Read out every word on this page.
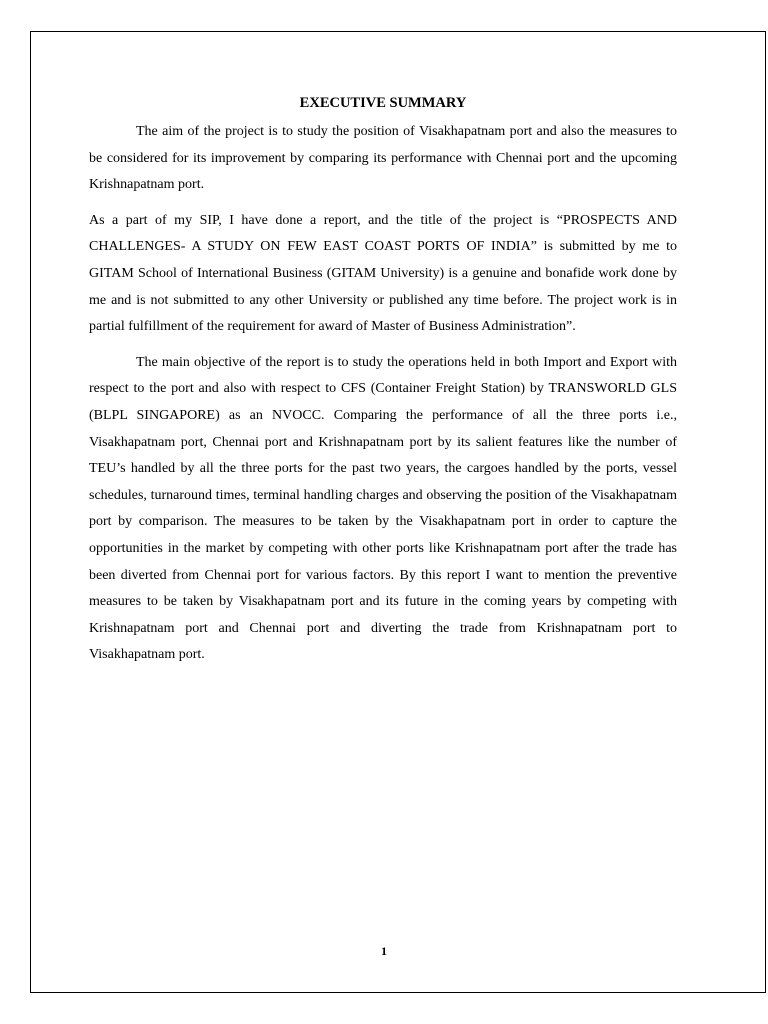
EXECUTIVE SUMMARY

The aim of the project is to study the position of Visakhapatnam port and also the measures to be considered for its improvement by comparing its performance with Chennai port and the upcoming Krishnapatnam port.

As a part of my SIP, I have done a report, and the title of the project is “PROSPECTS AND CHALLENGES- A STUDY ON FEW EAST COAST PORTS OF INDIA” is submitted by me to GITAM School of International Business (GITAM University) is a genuine and bonafide work done by me and is not submitted to any other University or published any time before. The project work is in partial fulfillment of the requirement for award of Master of Business Administration”.

The main objective of the report is to study the operations held in both Import and Export with respect to the port and also with respect to CFS (Container Freight Station) by TRANSWORLD GLS (BLPL SINGAPORE) as an NVOCC. Comparing the performance of all the three ports i.e., Visakhapatnam port, Chennai port and Krishnapatnam port by its salient features like the number of TEU’s handled by all the three ports for the past two years, the cargoes handled by the ports, vessel schedules, turnaround times, terminal handling charges and observing the position of the Visakhapatnam port by comparison. The measures to be taken by the Visakhapatnam port in order to capture the opportunities in the market by competing with other ports like Krishnapatnam port after the trade has been diverted from Chennai port for various factors. By this report I want to mention the preventive measures to be taken by Visakhapatnam port and its future in the coming years by competing with Krishnapatnam port and Chennai port and diverting the trade from Krishnapatnam port to Visakhapatnam port.

1
